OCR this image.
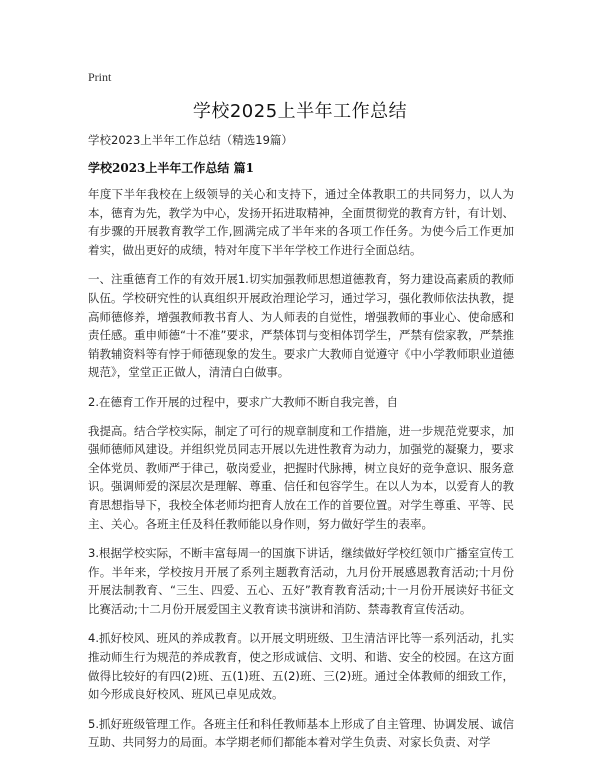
Print
学校2025上半年工作总结
学校2023上半年工作总结（精选19篇）
学校2023上半年工作总结 篇1

年度下半年我校在上级领导的关心和支持下，通过全体教职工的共同努力，以人为本，德育为先，教学为中心，发扬开拓进取精神，全面贯彻党的教育方针，有计划、有步骤的开展教育教学工作,圆满完成了半年来的各项工作任务。为使今后工作更加着实，做出更好的成绩，特对年度下半年学校工作进行全面总结。

一、注重德育工作的有效开展1.切实加强教师思想道德教育，努力建设高素质的教师队伍。学校研究性的认真组织开展政治理论学习，通过学习，强化教师依法执教，提高师德修养，增强教师教书育人、为人师表的自觉性，增强教师的事业心、使命感和责任感。重申师德“十不准”要求，严禁体罚与变相体罚学生，严禁有偿家教，严禁推销教辅资料等有悖于师德现象的发生。要求广大教师自觉遵守《中小学教师职业道德规范》，堂堂正正做人，清清白白做事。

2.在德育工作开展的过程中，要求广大教师不断自我完善，自

我提高。结合学校实际，制定了可行的规章制度和工作措施，进一步规范党要求，加强师德师风建设。并组织党员同志开展以先进性教育为动力，加强党的凝聚力，要求全体党员、教师严于律己，敬岗爱业，把握时代脉搏，树立良好的竞争意识、服务意识。强调师爱的深层次是理解、尊重、信任和包容学生。在以人为本，以爱育人的教育思想指导下，我校全体老师均把育人放在工作的首要位置。对学生尊重、平等、民主、关心。各班主任及科任教师能以身作则，努力做好学生的表率。

3.根据学校实际，不断丰富每周一的国旗下讲话，继续做好学校红领巾广播室宣传工作。半年来，学校按月开展了系列主题教育活动，九月份开展感恩教育活动;十月份开展法制教育、“三生、四爱、五心、五好”教育教育活动;十一月份开展读好书征文比赛活动;十二月份开展爱国主义教育读书演讲和消防、禁毒教育宣传活动。

4.抓好校风、班风的养成教育。以开展文明班级、卫生清洁评比等一系列活动，扎实推动师生行为规范的养成教育，使之形成诚信、文明、和谐、安全的校园。在这方面做得比较好的有四(2)班、五(1)班、五(2)班、三(2)班。通过全体教师的细致工作，如今形成良好校风、班风已卓见成效。

5.抓好班级管理工作。各班主任和科任教师基本上形成了自主管理、协调发展、诚信互助、共同努力的局面。本学期老师们都能本着对学生负责、对家长负责、对学
